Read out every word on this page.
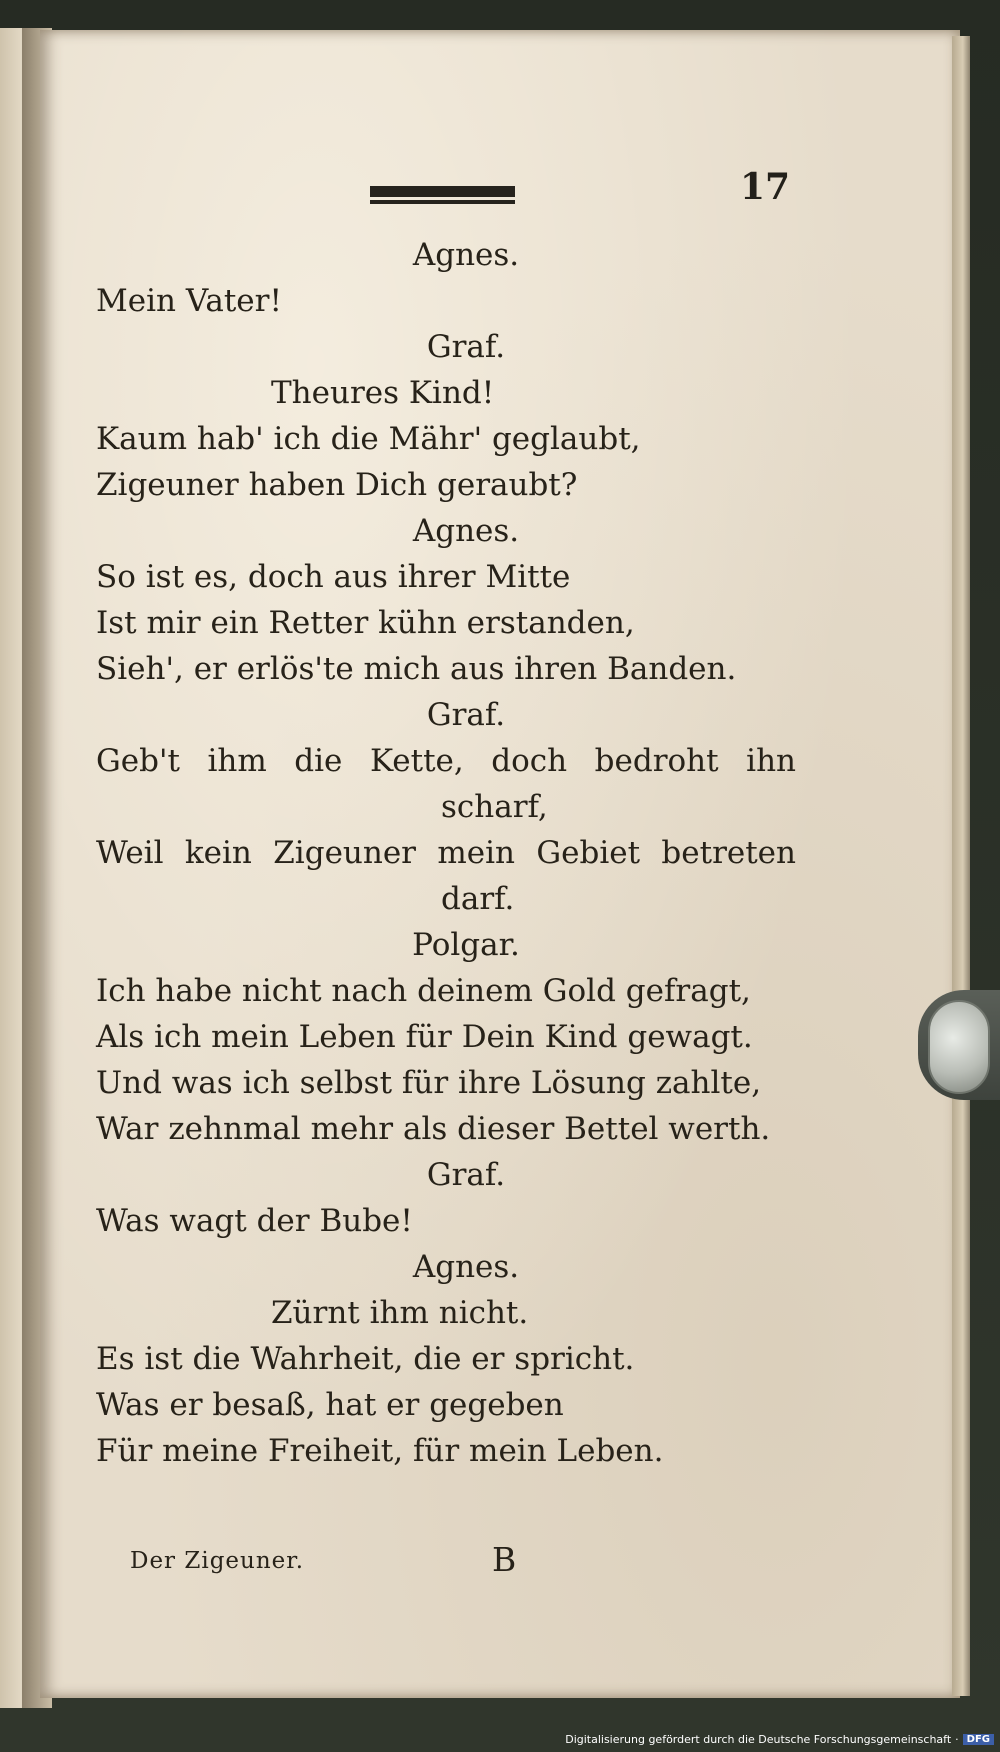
17
Agnes.
Mein Vater!
Graf.
Theures Kind!
Kaum hab' ich die Mähr' geglaubt,
Zigeuner haben Dich geraubt?
Agnes.
So ist es, doch aus ihrer Mitte
Ist mir ein Retter kühn erstanden,
Sieh', er erlös'te mich aus ihren Banden.
Graf.
Geb't ihm die Kette, doch bedroht ihn
scharf,
Weil kein Zigeuner mein Gebiet betreten
darf.
Polgar.
Ich habe nicht nach deinem Gold gefragt,
Als ich mein Leben für Dein Kind gewagt.
Und was ich selbst für ihre Lösung zahlte,
War zehnmal mehr als dieser Bettel werth.
Graf.
Was wagt der Bube!
Agnes.
Zürnt ihm nicht.
Es ist die Wahrheit, die er spricht.
Was er besaß, hat er gegeben
Für meine Freiheit, für mein Leben.
Der Zigeuner.	B
Digitalisierung gefördert durch die Deutsche Forschungsgemeinschaft · DFG
